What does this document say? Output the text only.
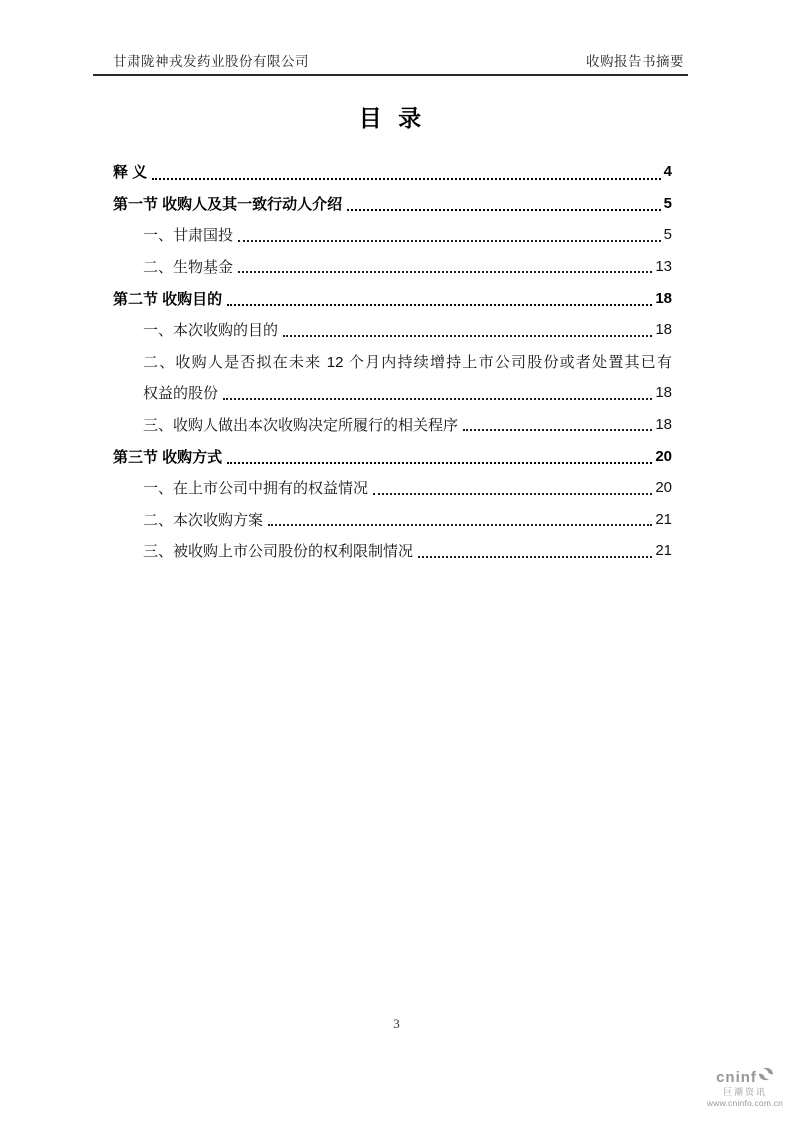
甘肃陇神戎发药业股份有限公司	收购报告书摘要
目 录
释 义	4
第一节 收购人及其一致行动人介绍	5
一、甘肃国投	5
二、生物基金	13
第二节 收购目的	18
一、本次收购的目的	18
二、收购人是否拟在未来 12 个月内持续增持上市公司股份或者处置其已有
权益的股份	18
三、收购人做出本次收购决定所履行的相关程序	18
第三节 收购方式	20
一、在上市公司中拥有的权益情况	20
二、本次收购方案	21
三、被收购上市公司股份的权利限制情况	21
3
cninf
巨潮资讯
www.cninfo.com.cn
